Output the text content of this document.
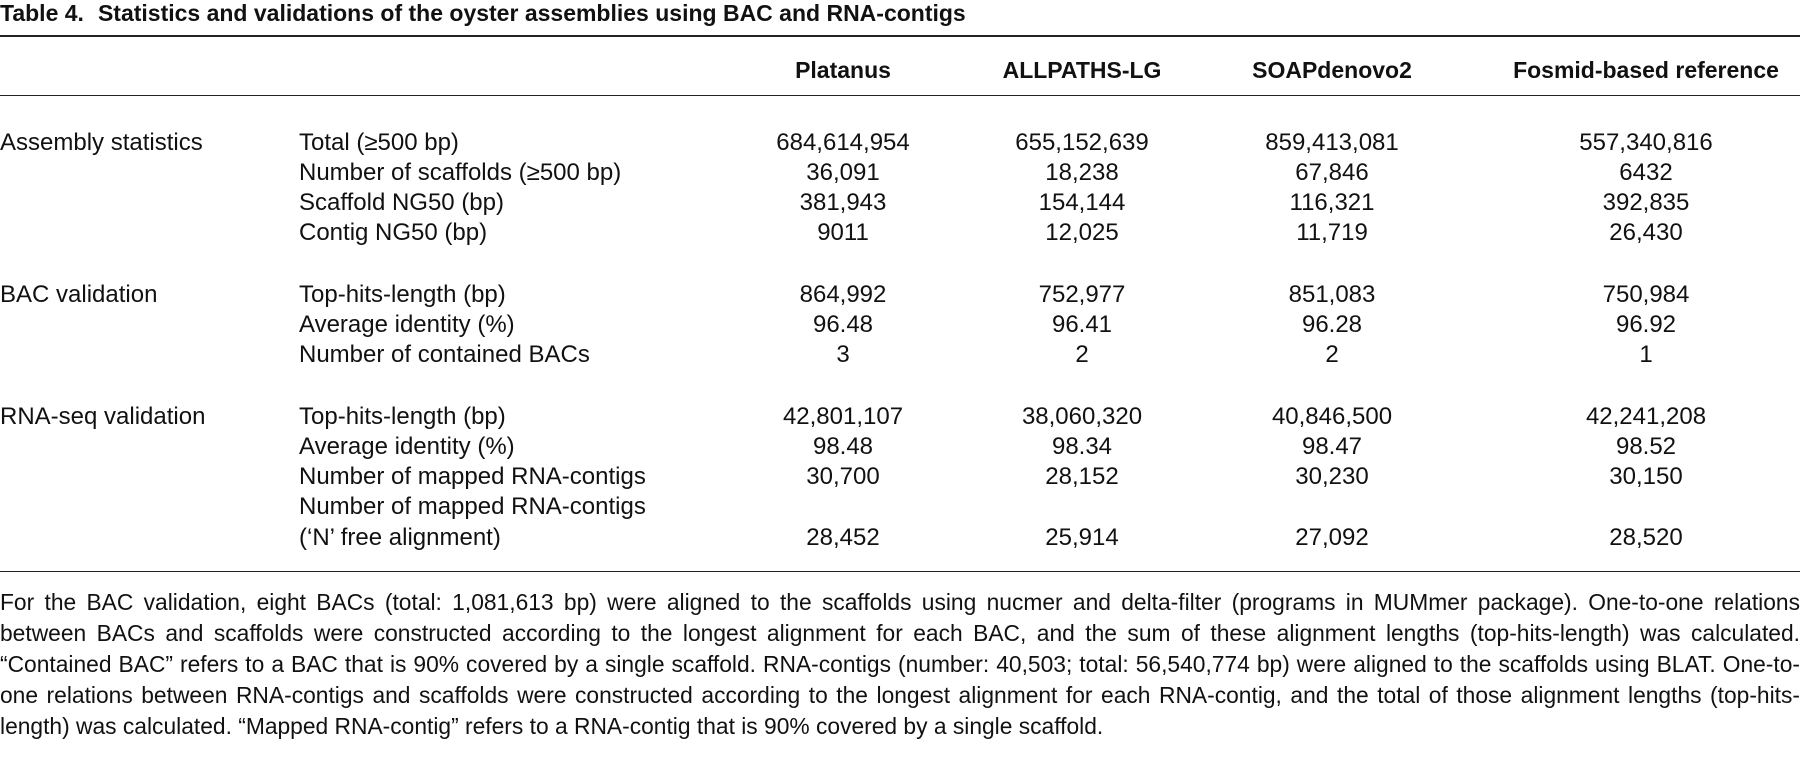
Table 4. Statistics and validations of the oyster assemblies using BAC and RNA-contigs
Platanus	ALLPATHS-LG	SOAPdenovo2	Fosmid-based reference
Assembly statistics	Total (≥500 bp)	684,614,954	655,152,639	859,413,081	557,340,816
Number of scaffolds (≥500 bp)	36,091	18,238	67,846	6432
Scaffold NG50 (bp)	381,943	154,144	116,321	392,835
Contig NG50 (bp)	9011	12,025	11,719	26,430
BAC validation	Top-hits-length (bp)	864,992	752,977	851,083	750,984
Average identity (%)	96.48	96.41	96.28	96.92
Number of contained BACs	3	2	2	1
RNA-seq validation	Top-hits-length (bp)	42,801,107	38,060,320	40,846,500	42,241,208
Average identity (%)	98.48	98.34	98.47	98.52
Number of mapped RNA-contigs	30,700	28,152	30,230	30,150
Number of mapped RNA-contigs
(‘N’ free alignment)	28,452	25,914	27,092	28,520
For the BAC validation, eight BACs (total: 1,081,613 bp) were aligned to the scaffolds using nucmer and delta-filter (programs in MUMmer package). One-to-one relations between BACs and scaffolds were constructed according to the longest alignment for each BAC, and the sum of these alignment lengths (top-hits-length) was calculated. “Contained BAC” refers to a BAC that is 90% covered by a single scaffold. RNA-contigs (number: 40,503; total: 56,540,774 bp) were aligned to the scaffolds using BLAT. One-to-one relations between RNA-contigs and scaffolds were constructed according to the longest alignment for each RNA-contig, and the total of those alignment lengths (top-hits-length) was calculated. “Mapped RNA-contig” refers to a RNA-contig that is 90% covered by a single scaffold.
